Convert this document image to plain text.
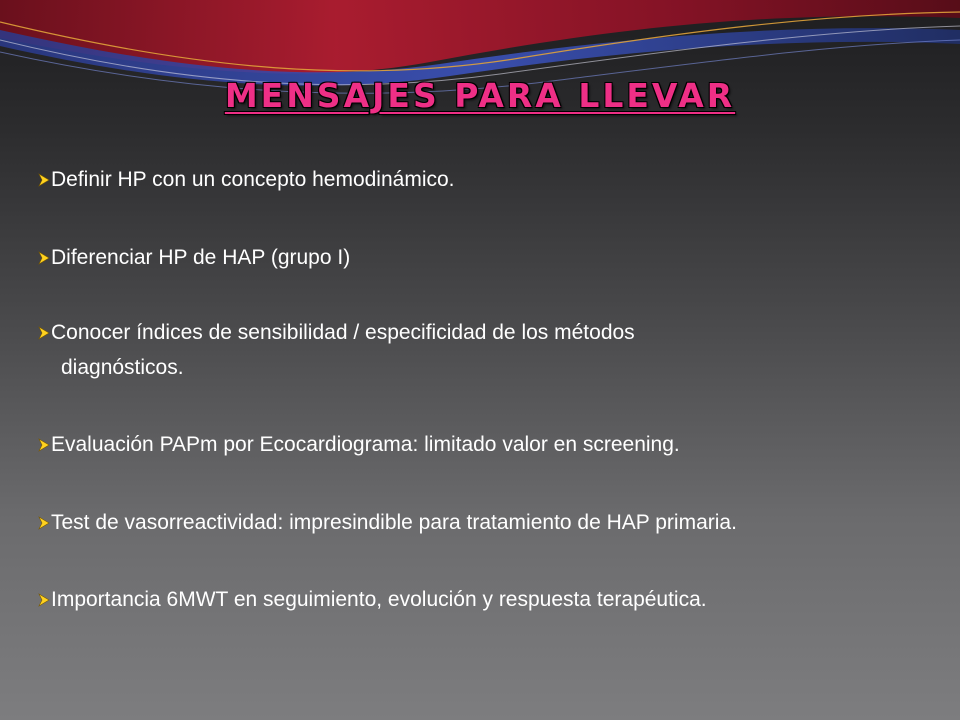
MENSAJES PARA LLEVAR
Definir HP con un concepto hemodinámico.
Diferenciar HP de HAP (grupo I)
Conocer índices de sensibilidad / especificidad de los métodos
diagnósticos.
Evaluación PAPm por Ecocardiograma: limitado valor en screening.
Test de vasorreactividad: impresindible para tratamiento de HAP primaria.
Importancia 6MWT en seguimiento, evolución y respuesta terapéutica.
